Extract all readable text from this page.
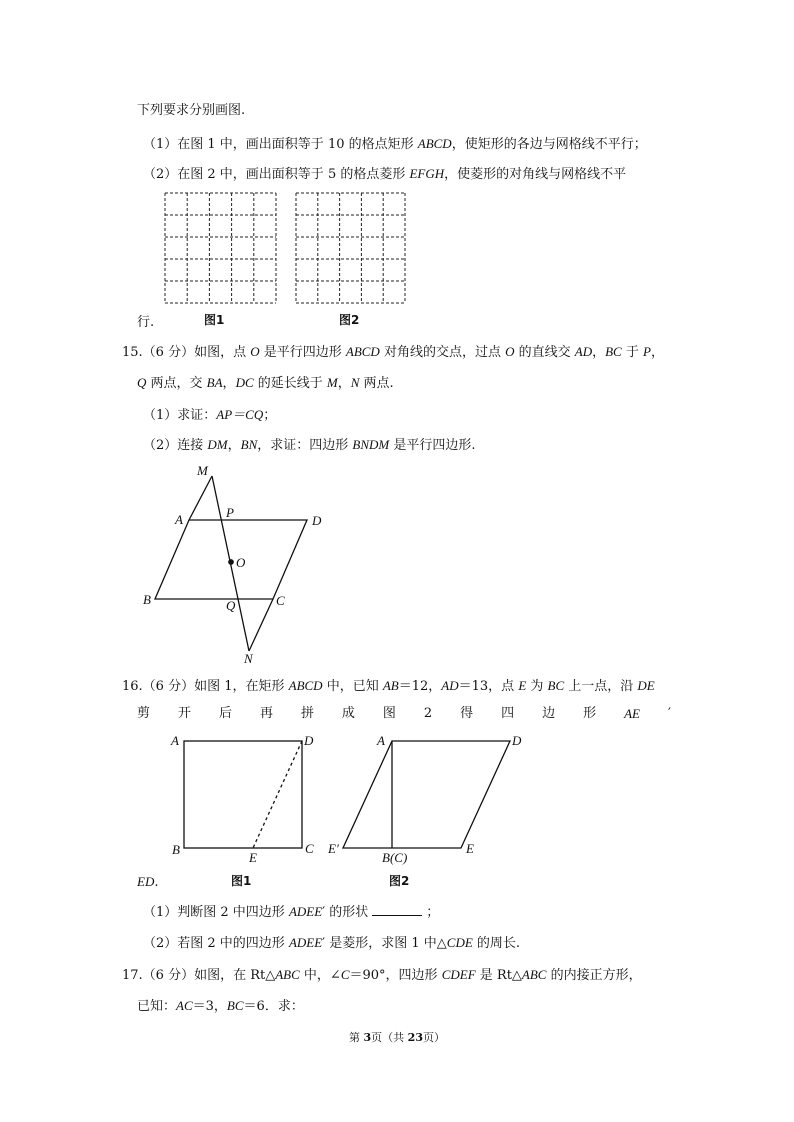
下列要求分别画图.
（1）在图 1 中，画出面积等于 10 的格点矩形 ABCD，使矩形的各边与网格线不平行；
（2）在图 2 中，画出面积等于 5 的格点菱形 EFGH，使菱形的对角线与网格线不平
行.	图1	图2
15.（6 分）如图，点 O 是平行四边形 ABCD 对角线的交点，过点 O 的直线交 AD，BC 于 P，
Q 两点，交 BA，DC 的延长线于 M，N 两点.
（1）求证：AP＝CQ；
（2）连接 DM，BN，求证：四边形 BNDM 是平行四边形.
16.（6 分）如图 1，在矩形 ABCD 中，已知 AB＝12，AD＝13，点 E 为 BC 上一点，沿 DE
剪 开 后 再 拼 成 图 2 得 四 边 形 AE ′
ED.	图1	图2
（1）判断图 2 中四边形 ADEE′ 的形状	；
（2）若图 2 中的四边形 ADEE′ 是菱形，求图 1 中△CDE 的周长.
17.（6 分）如图，在 Rt△ABC 中，∠C＝90°，四边形 CDEF 是 Rt△ABC 的内接正方形，
已知：AC＝3，BC＝6．求：
第 3页（共 23页）
M
A	P
D
O
B	Q	C
N
A	D
B
E
C
A	D
E′
B(C)
E
